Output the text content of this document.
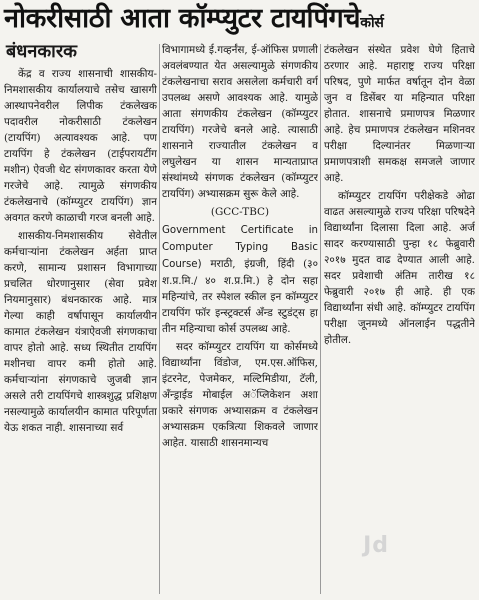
नोकरीसाठी आता कॉम्प्युटर टायपिंगचेकोर्स
बंधनकारक

केंद्र व राज्य शासनाची शासकीय-निमशासकीय कार्यालयाचे तसेच खासगी आस्थापनेवरील लिपीक टंकलेखक पदावरील नोकरीसाठी टंकलेखन (टायपिंग) अत्यावश्यक आहे. पण टायपिंग हे टंकलेखन (टाईपरायटींग मशीन) ऐवजी थेट संगणकावर करता येणे गरजेचे आहे. त्यामुळे संगणकीय टंकलेखनाचे (कॉम्प्युटर टायपिंग) ज्ञान अवगत करणे काळाची गरज बनली आहे.

शासकीय-निमशासकीय सेवेतील कर्मचाऱ्यांना टंकलेखन अर्हता प्राप्त करणे, सामान्य प्रशासन विभागाच्या प्रचलित धोरणानुसार (सेवा प्रवेश नियमानुसार) बंधनकारक आहे. मात्र गेल्या काही वर्षापासून कार्यालयीन कामात टंकलेखन यंत्राऐवजी संगणकाचा वापर होतो आहे. सध्य स्थितीत टायपिंग मशीनचा वापर कमी होतो आहे. कर्मचाऱ्यांना संगणकाचे जुजबी ज्ञान असले तरी टायपिंगचे शास्त्रशुद्ध प्रशिक्षण नसल्यामुळे कार्यालयीन कामात परिपूर्णता येऊ शकत नाही. शासनाच्या सर्व

विभागामध्ये ई.गव्हर्नंस, ई-ऑफिस प्रणाली अवलंबण्यात येत असल्यामुळे संगणकीय टंकलेखनाचा सराव असलेला कर्मचारी वर्ग उपलब्ध असणे आवश्यक आहे. यामुळे आता संगणकीय टंकलेखन (कॉम्प्युटर टायपिंग) गरजेचे बनले आहे. त्यासाठी शासनाने राज्यातील टंकलेखन व लघुलेखन या शासन मान्यताप्राप्त संस्थांमध्ये संगणक टंकलेखन (कॉम्प्युटर टायपिंग) अभ्यासक्रम सुरू केले आहे.

(GCC-TBC)

Government Certificate in Computer Typing Basic Course) मराठी, इंग्रजी, हिंदी (३० श.प्र.मि./ ४० श.प्र.मि.) हे दोन सहा महिन्यांचे, तर स्पेशल स्कील इन कॉम्प्युटर टायपिंग फॉर इन्स्ट्रक्टर्स अँन्ड स्टुडंट्स हा तीन महिन्याचा कोर्स उपलब्ध आहे.

सदर कॉम्प्युटर टायपिंग या कोर्समध्ये विद्यार्थ्यांना विंडोज, एम.एस.ऑफिस, इंटरनेट, पेजमेकर, मल्टिमिडीया, टॅली, अँन्ड्राईड मोबाईल अॅप्लिकेशन अशा प्रकारे संगणक अभ्यासक्रम व टंकलेखन अभ्यासक्रम एकत्रित्या शिकवले जाणार आहेत. यासाठी शासनमान्यच

टंकलेखन संस्थेत प्रवेश घेणे हिताचे ठरणार आहे. महाराष्ट्र राज्य परिक्षा परिषद, पुणे मार्फत वर्षातून दोन वेळा जुन व डिसेंबर या महिन्यात परिक्षा होतात. शासनाचे प्रमाणपत्र मिळणार आहे. हेच प्रमाणपत्र टंकलेखन मशिनवर परीक्षा दिल्यानंतर मिळणाऱ्या प्रमाणपत्राशी समकक्ष समजले जाणार आहे.

कॉम्प्युटर टायपिंग परीक्षेकडे ओढा वाढत असल्यामुळे राज्य परिक्षा परिषदेने विद्यार्थ्यांना दिलासा दिला आहे. अर्ज सादर करण्यासाठी पुन्हा १८ फेब्रुवारी २०१७ मुदत वाढ देण्यात आली आहे. सदर प्रवेशाची अंतिम तारीख १८ फेब्रुवारी २०१७ ही आहे. ही एक विद्यार्थ्यांना संधी आहे. कॉम्प्युटर टायपिंग परीक्षा जूनमध्ये ऑनलाईन पद्धतीने होतील.

Jd
